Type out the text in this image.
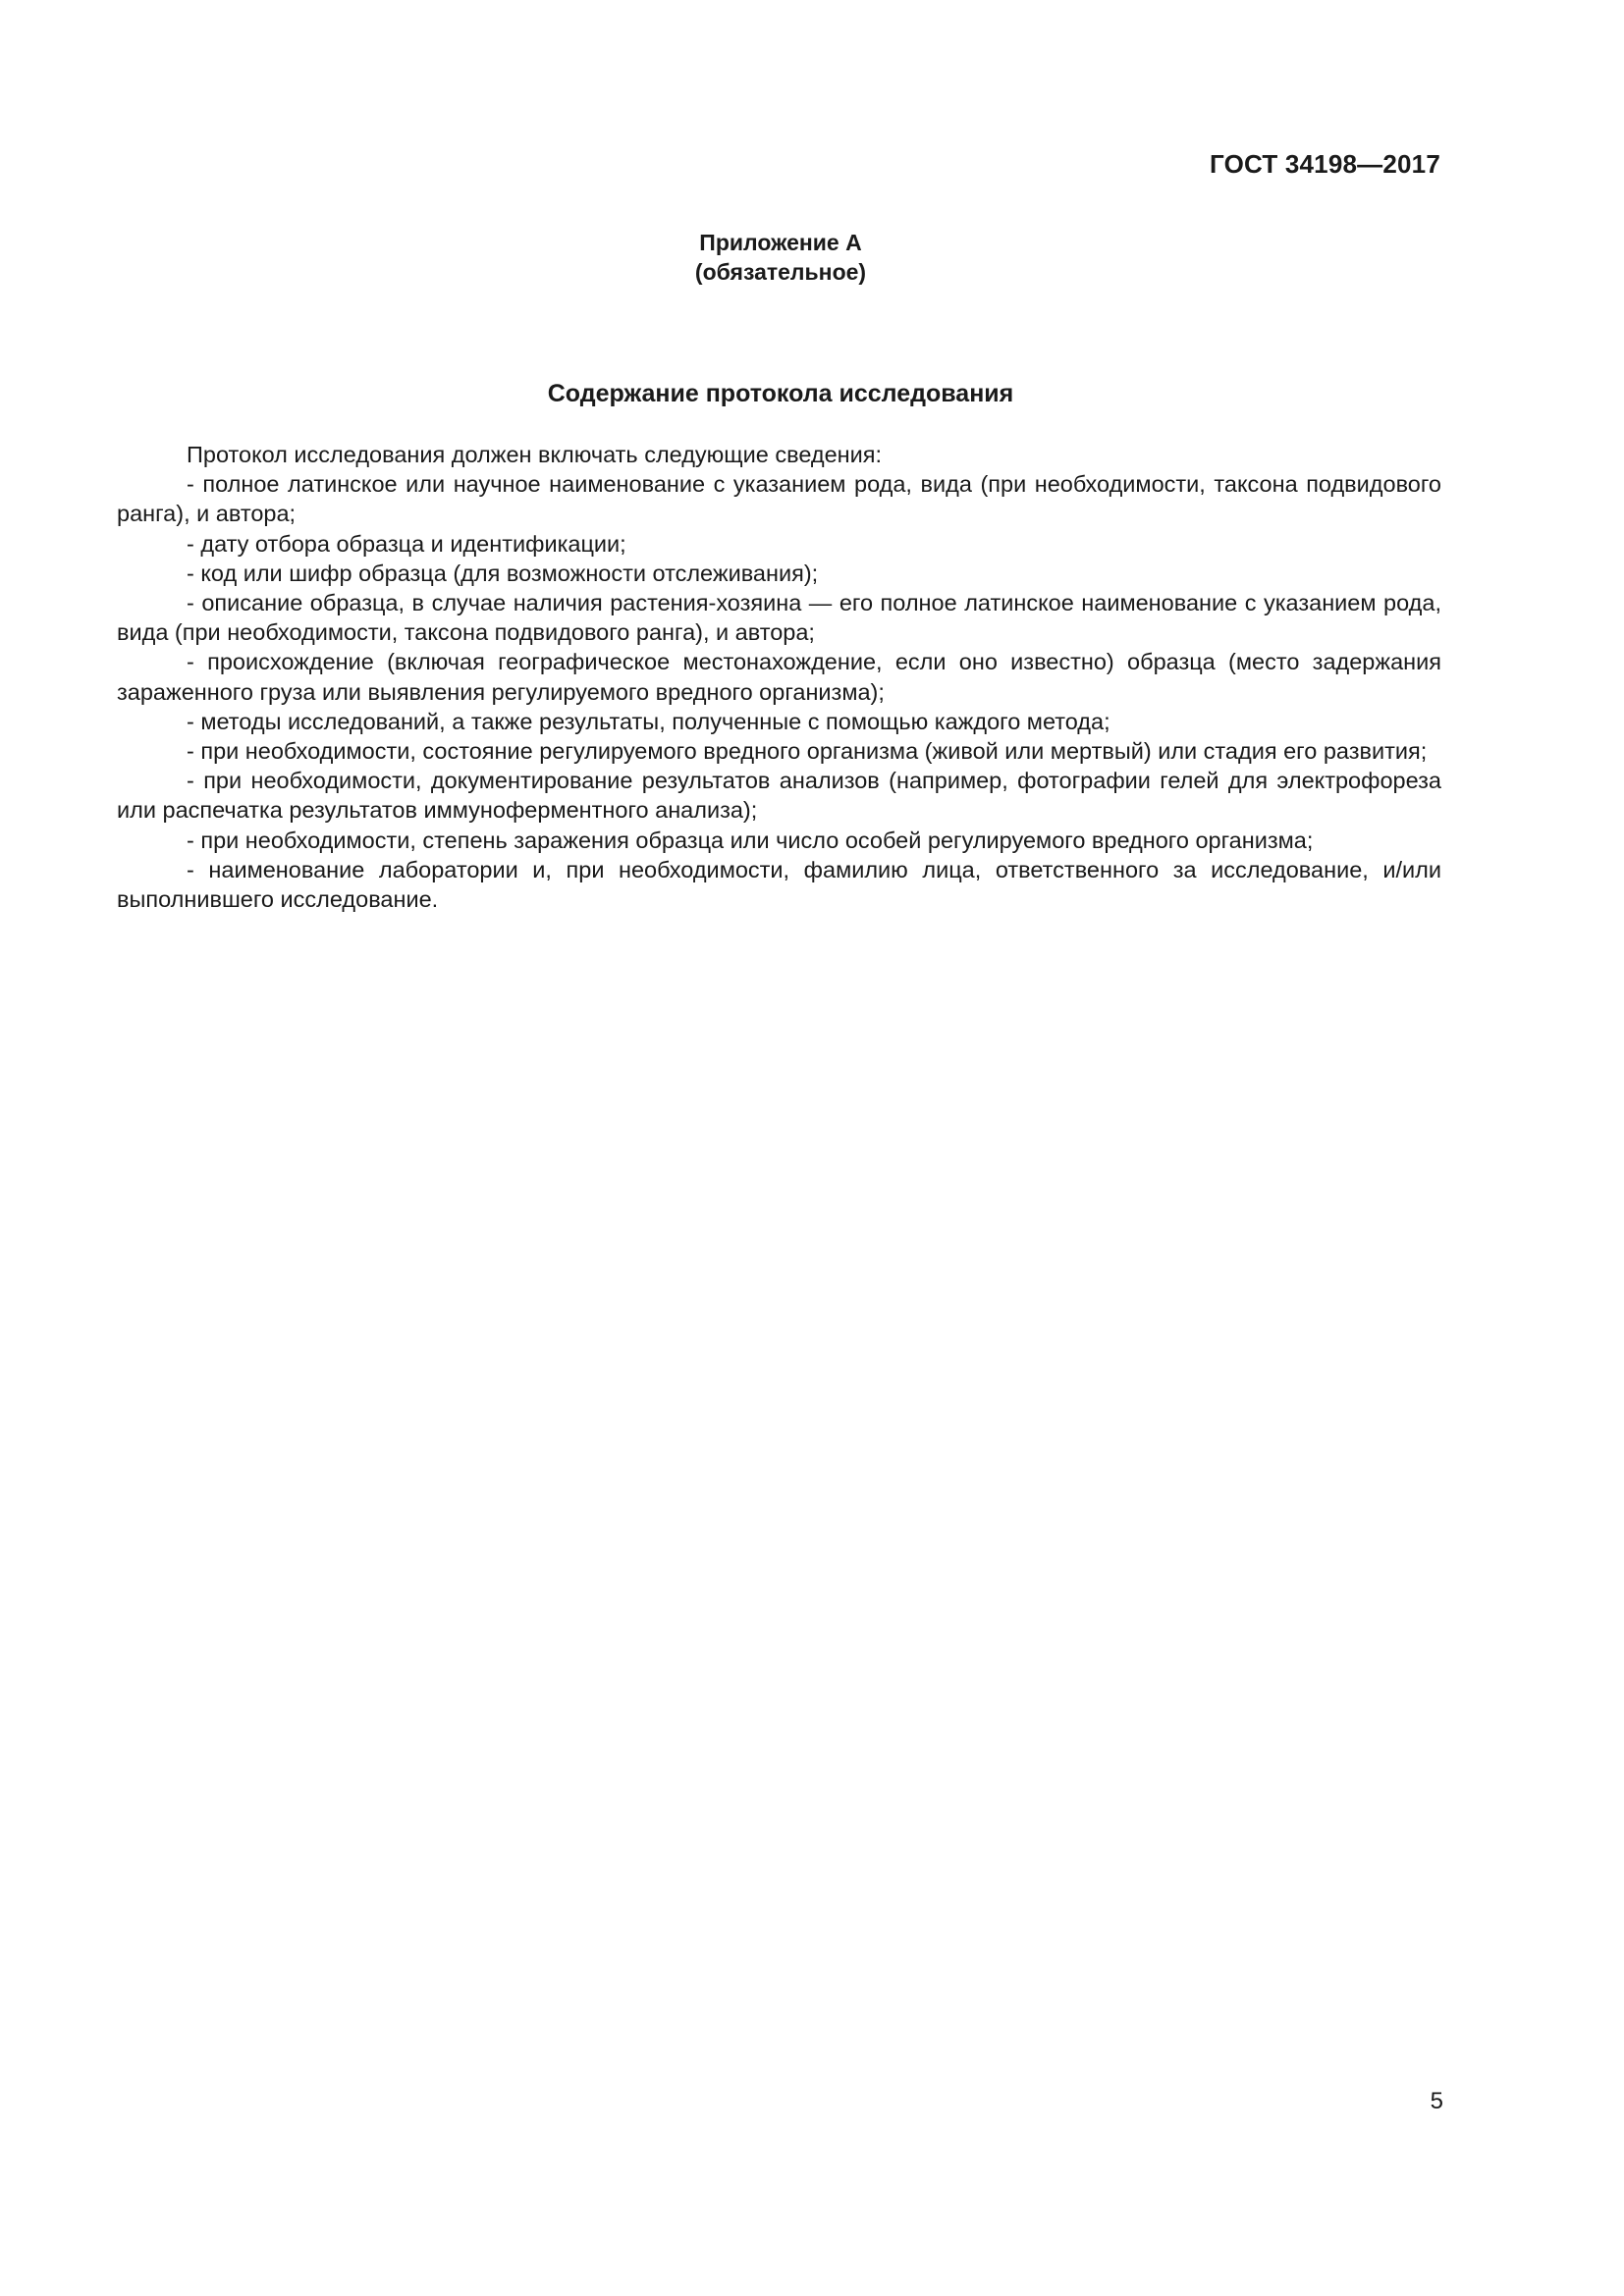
ГОСТ 34198—2017
Приложение А
(обязательное)
Содержание протокола исследования

Протокол исследования должен включать следующие сведения:

- полное латинское или научное наименование с указанием рода, вида (при необходимости, таксона подвидового ранга), и автора;

- дату отбора образца и идентификации;

- код или шифр образца (для возможности отслеживания);

- описание образца, в случае наличия растения-хозяина — его полное латинское наименование с указанием рода, вида (при необходимости, таксона подвидового ранга), и автора;

- происхождение (включая географическое местонахождение, если оно известно) образца (место задержания зараженного груза или выявления регулируемого вредного организма);

- методы исследований, а также результаты, полученные с помощью каждого метода;

- при необходимости, состояние регулируемого вредного организма (живой или мертвый) или стадия его развития;

- при необходимости, документирование результатов анализов (например, фотографии гелей для электрофореза или распечатка результатов иммуноферментного анализа);

- при необходимости, степень заражения образца или число особей регулируемого вредного организма;

- наименование лаборатории и, при необходимости, фамилию лица, ответственного за исследование, и/или выполнившего исследование.

5
